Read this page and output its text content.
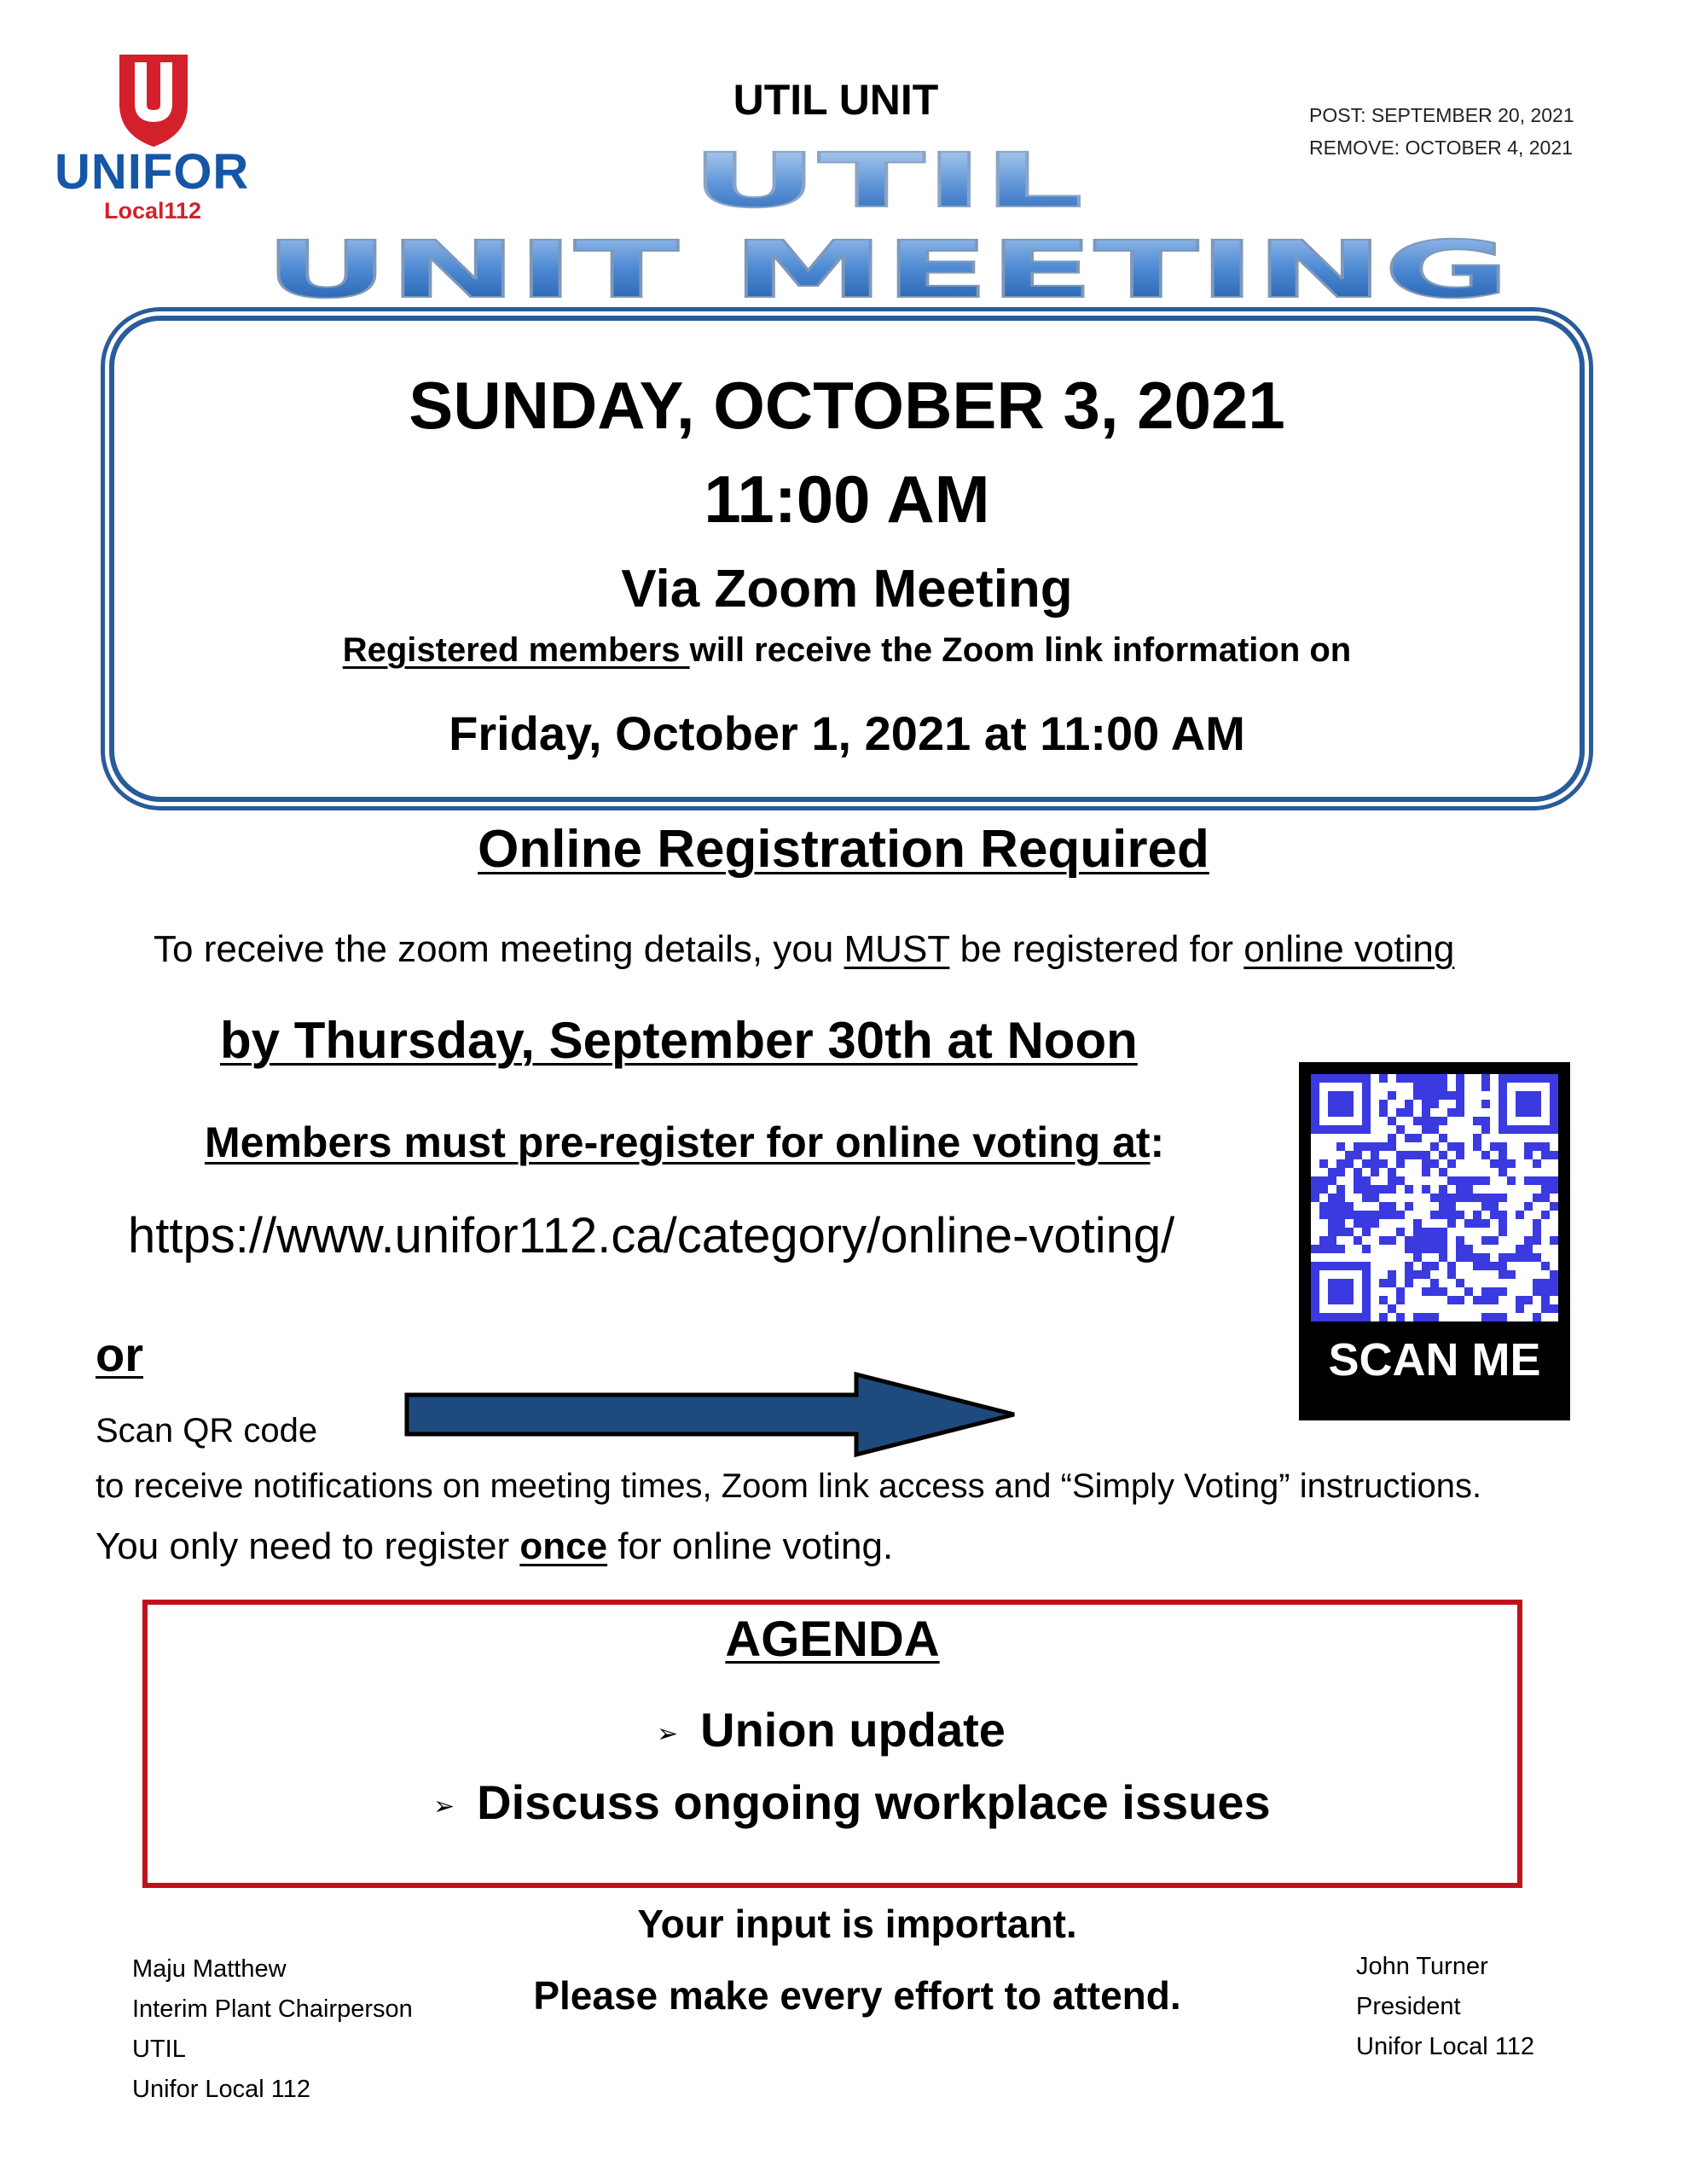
UNIFOR
Local112
UTIL UNIT	POST: SEPTEMBER 20, 2021
REMOVE: OCTOBER 4, 2021
UTIL
UNIT MEETING
SUNDAY, OCTOBER 3, 2021
11:00 AM
Via Zoom Meeting
Registered members will receive the Zoom link information on
Friday, October 1, 2021 at 11:00 AM
Online Registration Required
To receive the zoom meeting details, you MUST be registered for online voting
by Thursday, September 30th at Noon
Members must pre-register for online voting at:
https://www.unifor112.ca/category/online-voting/
SCAN ME
or
Scan QR code
to receive notifications on meeting times, Zoom link access and “Simply Voting” instructions.
You only need to register once for online voting.
AGENDA
➢ Union update
➢ Discuss ongoing workplace issues
Your input is important.
Please make every effort to attend.
Maju Matthew
Interim Plant Chairperson
UTIL
Unifor Local 112
John Turner
President
Unifor Local 112
